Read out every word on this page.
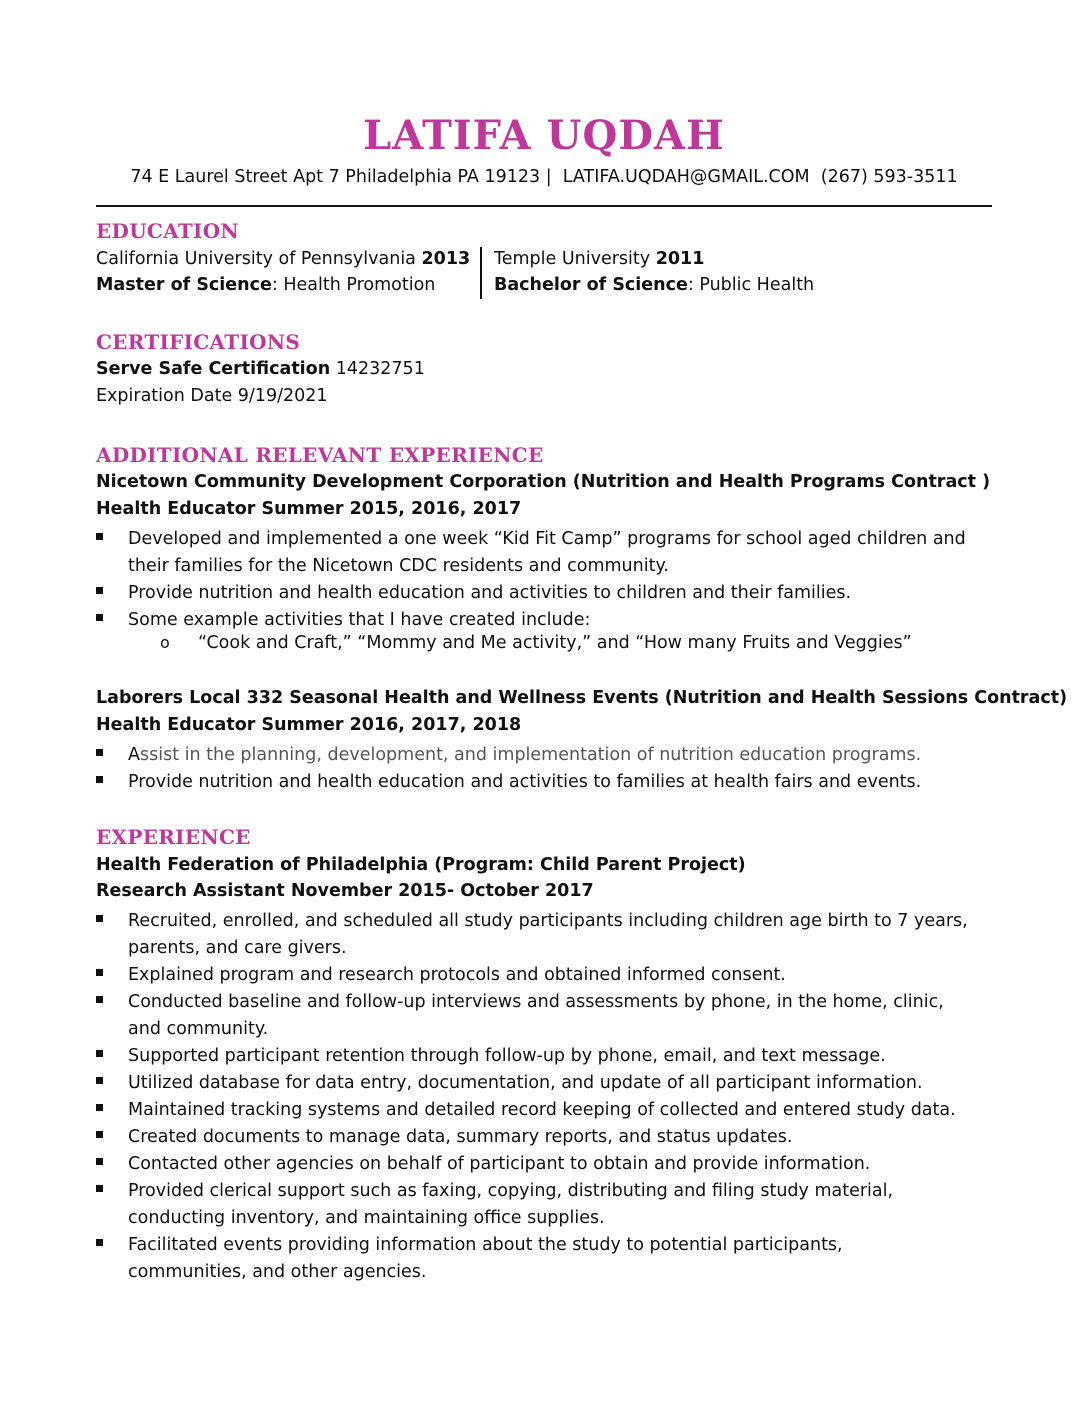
LATIFA UQDAH
74 E Laurel Street Apt 7 Philadelphia PA 19123 | LATIFA.UQDAH@GMAIL.COM (267) 593-3511
EDUCATION
California University of Pennsylvania 2013
Master of Science: Health Promotion
Temple University 2011
Bachelor of Science: Public Health
CERTIFICATIONS
Serve Safe Certification 14232751
Expiration Date 9/19/2021
ADDITIONAL RELEVANT EXPERIENCE
Nicetown Community Development Corporation (Nutrition and Health Programs Contract )
Health Educator Summer 2015, 2016, 2017
Developed and implemented a one week “Kid Fit Camp” programs for school aged children and
their families for the Nicetown CDC residents and community.
Provide nutrition and health education and activities to children and their families.
Some example activities that I have created include:
o “Cook and Craft,” “Mommy and Me activity,” and “How many Fruits and Veggies”
Laborers Local 332 Seasonal Health and Wellness Events (Nutrition and Health Sessions Contract)
Health Educator Summer 2016, 2017, 2018
Assist in the planning, development, and implementation of nutrition education programs.
Provide nutrition and health education and activities to families at health fairs and events.
EXPERIENCE
Health Federation of Philadelphia (Program: Child Parent Project)
Research Assistant November 2015- October 2017
Recruited, enrolled, and scheduled all study participants including children age birth to 7 years,
parents, and care givers.
Explained program and research protocols and obtained informed consent.
Conducted baseline and follow-up interviews and assessments by phone, in the home, clinic,
and community.
Supported participant retention through follow-up by phone, email, and text message.
Utilized database for data entry, documentation, and update of all participant information.
Maintained tracking systems and detailed record keeping of collected and entered study data.
Created documents to manage data, summary reports, and status updates.
Contacted other agencies on behalf of participant to obtain and provide information.
Provided clerical support such as faxing, copying, distributing and filing study material,
conducting inventory, and maintaining office supplies.
Facilitated events providing information about the study to potential participants,
communities, and other agencies.
